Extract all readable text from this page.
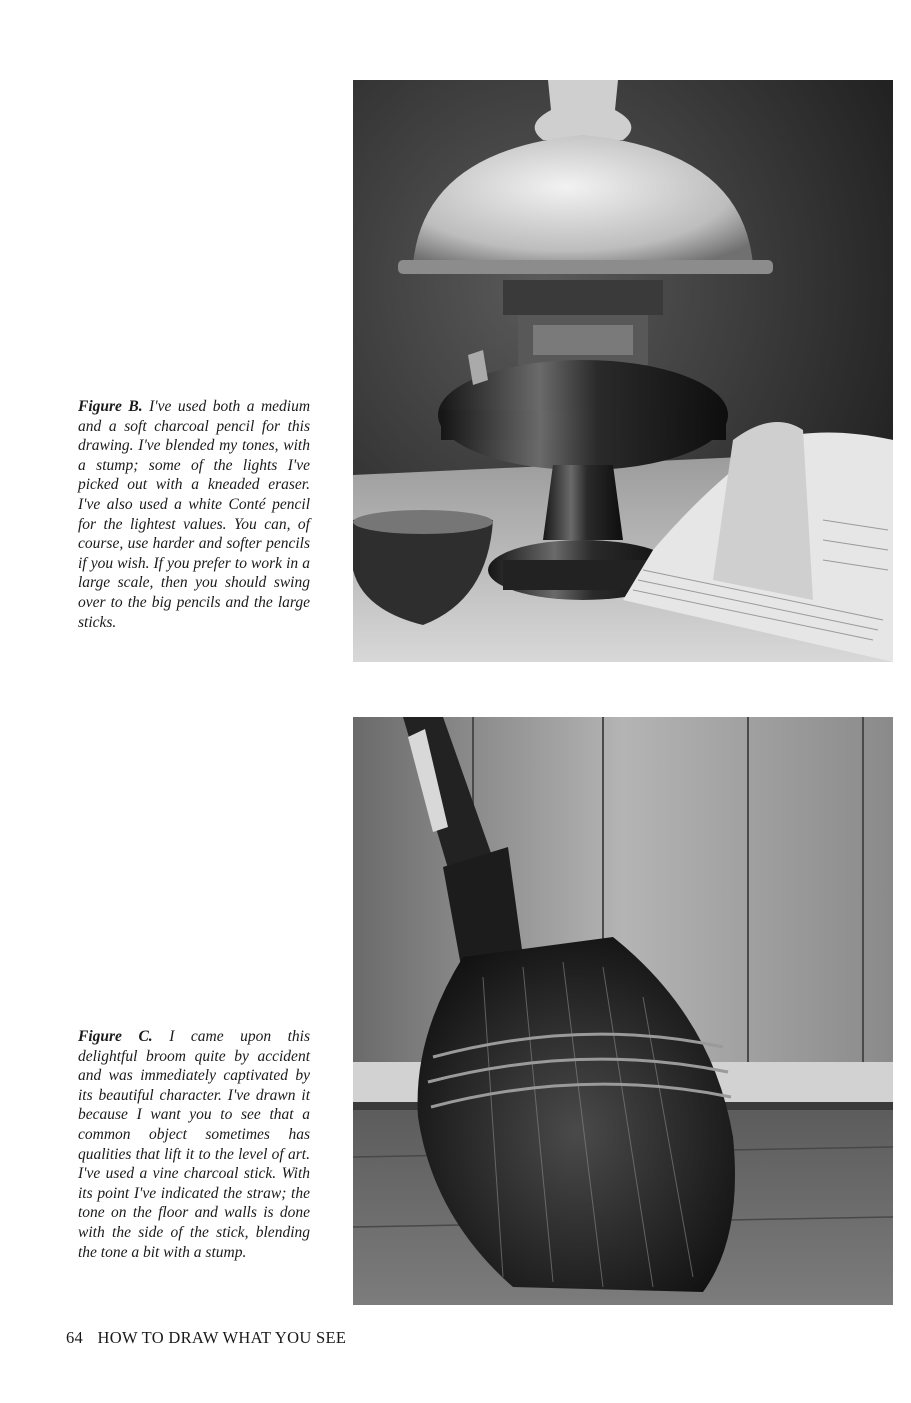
Figure B. I've used both a medium and a soft charcoal pencil for this drawing. I've blended my tones, with a stump; some of the lights I've picked out with a kneaded eraser. I've also used a white Conté pencil for the lightest values. You can, of course, use harder and softer pencils if you wish. If you prefer to work in a large scale, then you should swing over to the big pencils and the large sticks.
Figure C. I came upon this delightful broom quite by accident and was immediately captivated by its beautiful character. I've drawn it because I want you to see that a common object sometimes has qualities that lift it to the level of art. I've used a vine charcoal stick. With its point I've indicated the straw; the tone on the floor and walls is done with the side of the stick, blending the tone a bit with a stump.
64 HOW TO DRAW WHAT YOU SEE
